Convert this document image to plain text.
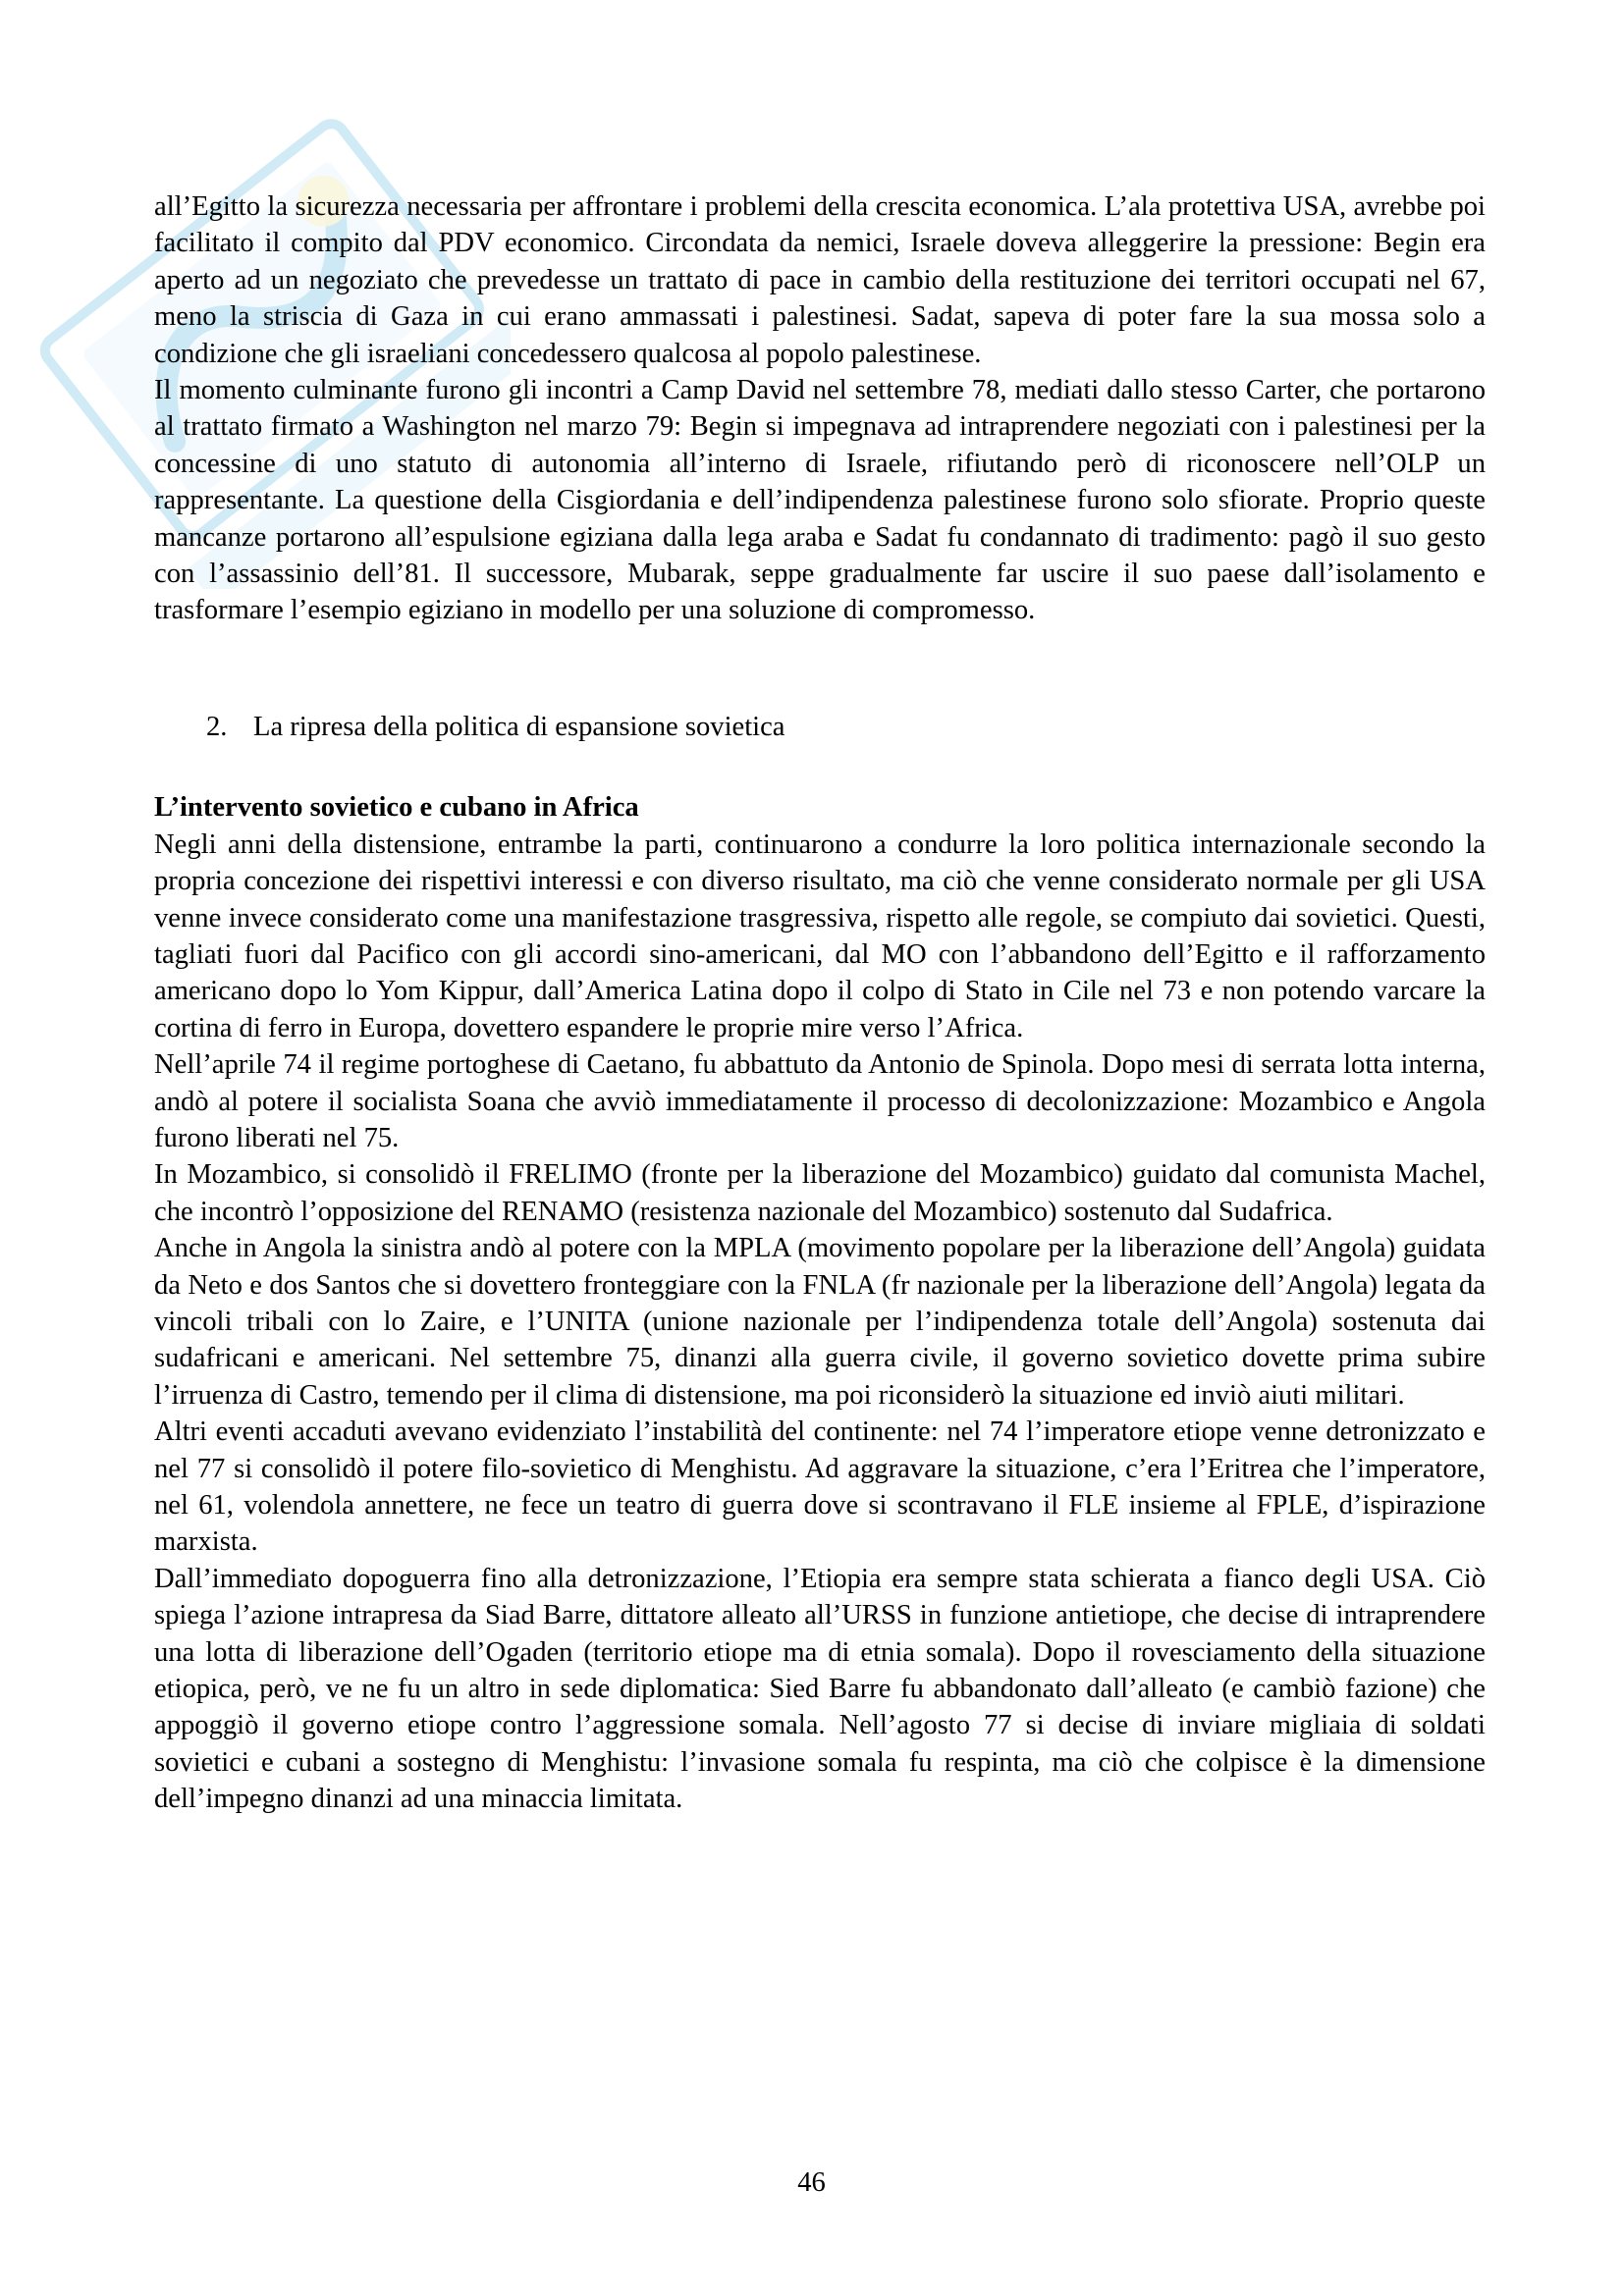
all’Egitto la sicurezza necessaria per affrontare i problemi della crescita economica. L’ala protettiva USA, avrebbe poi facilitato il compito dal PDV economico. Circondata da nemici, Israele doveva alleggerire la pressione: Begin era aperto ad un negoziato che prevedesse un trattato di pace in cambio della restituzione dei territori occupati nel 67, meno la striscia di Gaza in cui erano ammassati i palestinesi. Sadat, sapeva di poter fare la sua mossa solo a condizione che gli israeliani concedessero qualcosa al popolo palestinese.

Il momento culminante furono gli incontri a Camp David nel settembre 78, mediati dallo stesso Carter, che portarono al trattato firmato a Washington nel marzo 79: Begin si impegnava ad intraprendere negoziati con i palestinesi per la concessine di uno statuto di autonomia all’interno di Israele, rifiutando però di riconoscere nell’OLP un rappresentante. La questione della Cisgiordania e dell’indipendenza palestinese furono solo sfiorate. Proprio queste mancanze portarono all’espulsione egiziana dalla lega araba e Sadat fu condannato di tradimento: pagò il suo gesto con l’assassinio dell’81. Il successore, Mubarak, seppe gradualmente far uscire il suo paese dall’isolamento e trasformare l’esempio egiziano in modello per una soluzione di compromesso.

2. La ripresa della politica di espansione sovietica
L’intervento sovietico e cubano in Africa

Negli anni della distensione, entrambe la parti, continuarono a condurre la loro politica internazionale secondo la propria concezione dei rispettivi interessi e con diverso risultato, ma ciò che venne considerato normale per gli USA venne invece considerato come una manifestazione trasgressiva, rispetto alle regole, se compiuto dai sovietici. Questi, tagliati fuori dal Pacifico con gli accordi sino-americani, dal MO con l’abbandono dell’Egitto e il rafforzamento americano dopo lo Yom Kippur, dall’America Latina dopo il colpo di Stato in Cile nel 73 e non potendo varcare la cortina di ferro in Europa, dovettero espandere le proprie mire verso l’Africa.

Nell’aprile 74 il regime portoghese di Caetano, fu abbattuto da Antonio de Spinola. Dopo mesi di serrata lotta interna, andò al potere il socialista Soana che avviò immediatamente il processo di decolonizzazione: Mozambico e Angola furono liberati nel 75.

In Mozambico, si consolidò il FRELIMO (fronte per la liberazione del Mozambico) guidato dal comunista Machel, che incontrò l’opposizione del RENAMO (resistenza nazionale del Mozambico) sostenuto dal Sudafrica.

Anche in Angola la sinistra andò al potere con la MPLA (movimento popolare per la liberazione dell’Angola) guidata da Neto e dos Santos che si dovettero fronteggiare con la FNLA (fr nazionale per la liberazione dell’Angola) legata da vincoli tribali con lo Zaire, e l’UNITA (unione nazionale per l’indipendenza totale dell’Angola) sostenuta dai sudafricani e americani. Nel settembre 75, dinanzi alla guerra civile, il governo sovietico dovette prima subire l’irruenza di Castro, temendo per il clima di distensione, ma poi riconsiderò la situazione ed inviò aiuti militari.

Altri eventi accaduti avevano evidenziato l’instabilità del continente: nel 74 l’imperatore etiope venne detronizzato e nel 77 si consolidò il potere filo-sovietico di Menghistu. Ad aggravare la situazione, c’era l’Eritrea che l’imperatore, nel 61, volendola annettere, ne fece un teatro di guerra dove si scontravano il FLE insieme al FPLE, d’ispirazione marxista.

Dall’immediato dopoguerra fino alla detronizzazione, l’Etiopia era sempre stata schierata a fianco degli USA. Ciò spiega l’azione intrapresa da Siad Barre, dittatore alleato all’URSS in funzione antietiope, che decise di intraprendere una lotta di liberazione dell’Ogaden (territorio etiope ma di etnia somala). Dopo il rovesciamento della situazione etiopica, però, ve ne fu un altro in sede diplomatica: Sied Barre fu abbandonato dall’alleato (e cambiò fazione) che appoggiò il governo etiope contro l’aggressione somala. Nell’agosto 77 si decise di inviare migliaia di soldati sovietici e cubani a sostegno di Menghistu: l’invasione somala fu respinta, ma ciò che colpisce è la dimensione dell’impegno dinanzi ad una minaccia limitata.

46
